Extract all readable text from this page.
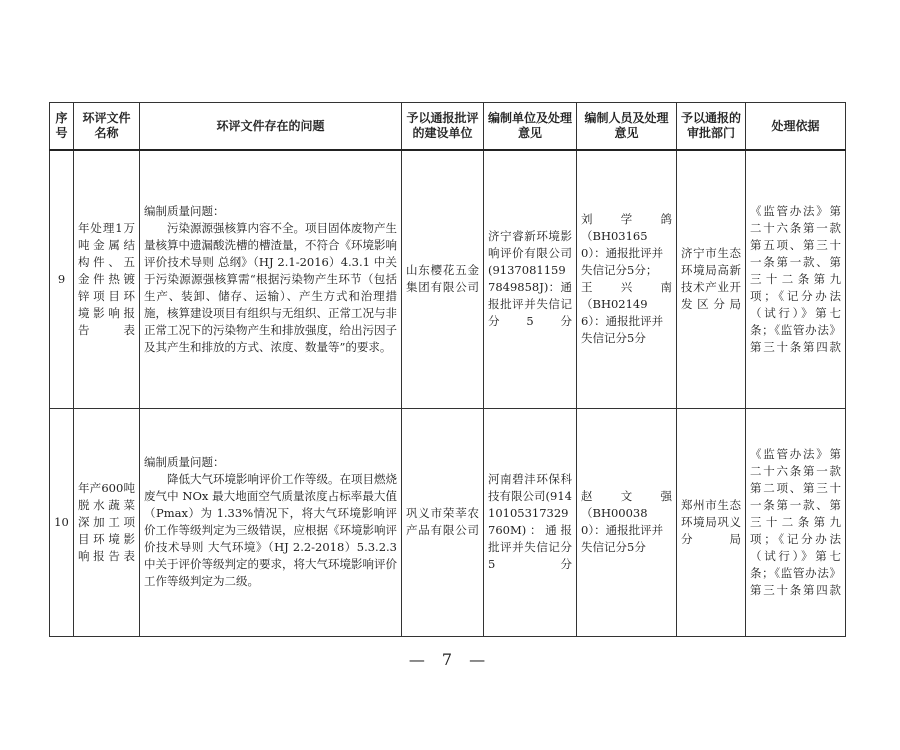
序号	环评文件名称	环评文件存在的问题	予以通报批评的建设单位	编制单位及处理意见	编制人员及处理意见	予以通报的审批部门	处理依据
9	年处理1万吨金属结构件、五金件热镀锌项目环境影响报告表	编制质量问题：
污染源源强核算内容不全。项目固体废物产生量核算中遗漏酸洗槽的槽渣量，不符合《环境影响评价技术导则 总纲》（HJ 2.1-2016）4.3.1 中关于污染源源强核算需“根据污染物产生环节（包括生产、装卸、储存、运输）、产生方式和治理措施，核算建设项目有组织与无组织、正常工况与非正常工况下的污染物产生和排放强度，给出污因子及其产生和排放的方式、浓度、数量等”的要求。	山东樱花五金集团有限公司	济宁睿新环境影响评价有限公司(91370811597849858J)：通报批评并失信记分5分	刘学鸽
（BH031650）：通报批评并失信记分5分；
王兴南
（BH021496）：通报批评并失信记分5分	济宁市生态环境局高新技术产业开发区分局	《监管办法》第二十六条第一款第五项、第三十一条第一款、第三十二条第九项；《记分办法（试行）》第七条；《监管办法》第三十条第四款
10	年产600吨脱水蔬菜深加工项目环境影响报告表	编制质量问题：
降低大气环境影响评价工作等级。在项目燃烧废气中 NOx 最大地面空气质量浓度占标率最大值（Pmax）为 1.33%情况下，将大气环境影响评价工作等级判定为三级错误，应根据《环境影响评价技术导则 大气环境》（HJ 2.2-2018）5.3.2.3 中关于评价等级判定的要求，将大气环境影响评价工作等级判定为二级。	巩义市荣莘农产品有限公司	河南碧沣环保科技有限公司(91410105317329760M)：通报批评并失信记分5分	赵文强
（BH000380）：通报批评并失信记分5分	郑州市生态环境局巩义分局	《监管办法》第二十六条第一款第二项、第三十一条第一款、第三十二条第九项；《记分办法（试行）》第七条；《监管办法》第三十条第四款
— 7 —
